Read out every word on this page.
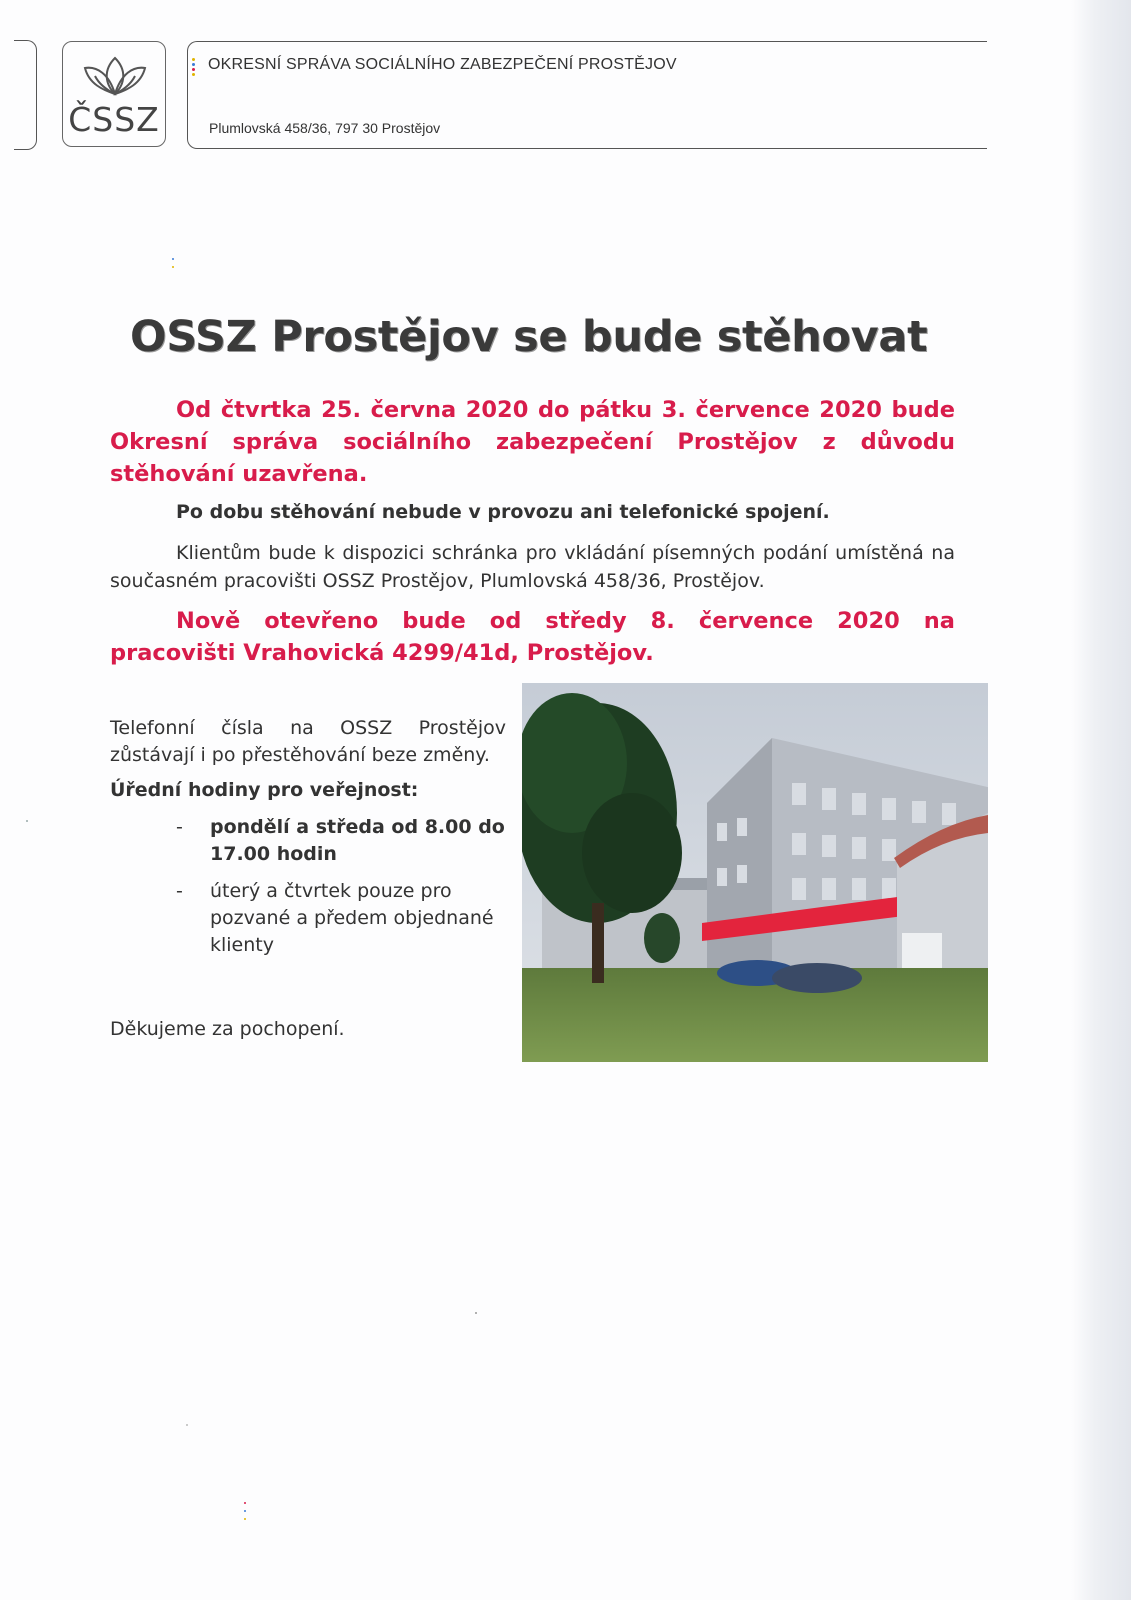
ČSSZ
OKRESNÍ SPRÁVA SOCIÁLNÍHO ZABEZPEČENÍ PROSTĚJOV
Plumlovská 458/36, 797 30 Prostějov
OSSZ Prostějov se bude stěhovat
Od čtvrtka 25. června 2020 do pátku 3. července 2020 bude Okresní správa sociálního zabezpečení Prostějov z důvodu stěhování uzavřena.
Po dobu stěhování nebude v provozu ani telefonické spojení.
Klientům bude k dispozici schránka pro vkládání písemných podání umístěná na současném pracovišti OSSZ Prostějov, Plumlovská 458/36, Prostějov.
Nově otevřeno bude od středy 8. července 2020 na pracovišti Vrahovická 4299/41d, Prostějov.
Telefonní čísla na OSSZ Prostějov zůstávají i po přestěhování beze změny.
Úřední hodiny pro veřejnost:
- pondělí a středa od 8.00 do 17.00 hodin
- úterý a čtvrtek pouze pro pozvané a předem objednané klienty
Děkujeme za pochopení.
